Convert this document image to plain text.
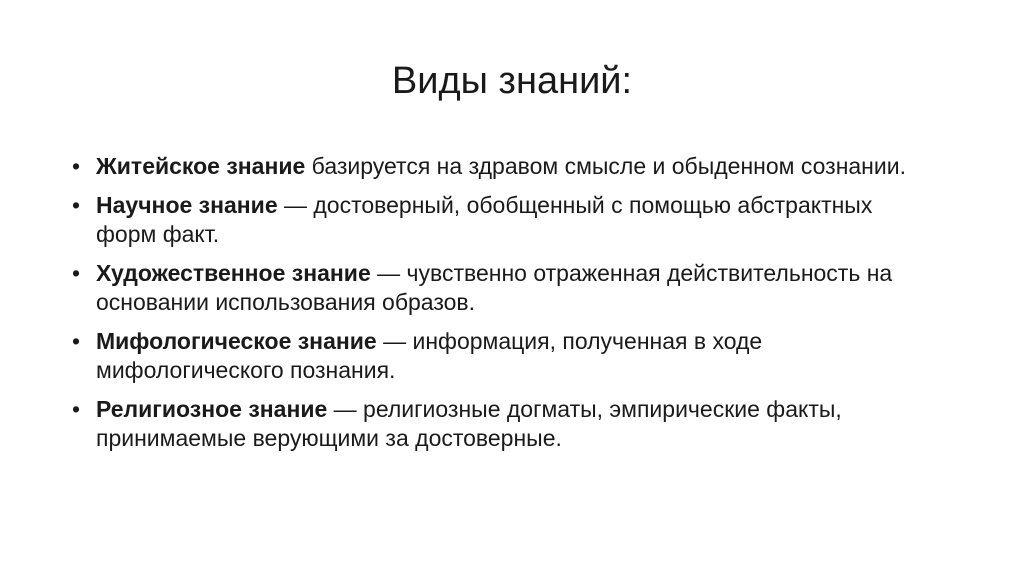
Виды знаний:
• Житейское знание базируется на здравом смысле и обыденном сознании.
• Научное знание — достоверный, обобщенный с помощью абстрактных форм факт.
• Художественное знание — чувственно отраженная действительность на основании использования образов.
• Мифологическое знание — информация, полученная в ходе мифологического познания.
• Религиозное знание — религиозные догматы, эмпирические факты, принимаемые верующими за достоверные.
